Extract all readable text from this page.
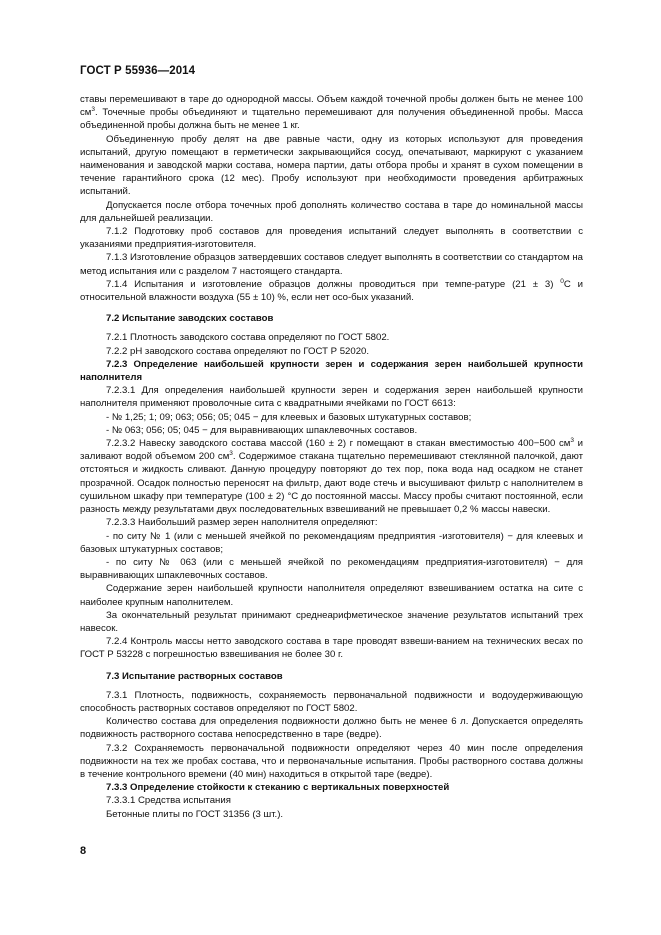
ГОСТ Р 55936—2014

ставы перемешивают в таре до однородной массы. Объем каждой точечной пробы должен быть не менее 100 $см^3$. Точечные пробы объединяют и тщательно перемешивают для получения объединенной пробы. Масса объединенной пробы должна быть не менее 1 кг.

Объединенную пробу делят на две равные части, одну из которых используют для проведения испытаний, другую помещают в герметически закрывающийся сосуд, опечатывают, маркируют с указанием наименования и заводской марки состава, номера партии, даты отбора пробы и хранят в сухом помещении в течение гарантийного срока (12 мес). Пробу используют при необходимости проведения арбитражных испытаний.

Допускается после отбора точечных проб дополнять количество состава в таре до номинальной массы для дальнейшей реализации.

7.1.2 Подготовку проб составов для проведения испытаний следует выполнять в соответствии с указаниями предприятия-изготовителя.

7.1.3 Изготовление образцов затвердевших составов следует выполнять в соответствии со стандартом на метод испытания или с разделом 7 настоящего стандарта.

7.1.4 Испытания и изготовление образцов должны проводиться при темпе-ратуре (21 ± 3) $^0$С и относительной влажности воздуха (55 ± 10) %, если нет осо-бых указаний.

7.2 Испытание заводских составов

7.2.1 Плотность заводского состава определяют по ГОСТ 5802.

7.2.2 pH заводского состава определяют по ГОСТ Р 52020.

7.2.3 Определение наибольшей крупности зерен и содержания зерен наибольшей крупности наполнителя

7.2.3.1 Для определения наибольшей крупности зерен и содержания зерен наибольшей крупности наполнителя применяют проволочные сита с квадратными ячейками по ГОСТ 6613:

- № 1,25; 1; 09; 063; 056; 05; 045 − для клеевых и базовых штукатурных составов;

- № 063; 056; 05; 045 − для выравнивающих шпаклевочных составов.

7.2.3.2 Навеску заводского состава массой (160 ± 2) г помещают в стакан вместимостью 400−500 $см^3$ и заливают водой объемом 200 $см^3$. Содержимое стакана тщательно перемешивают стеклянной палочкой, дают отстояться и жидкость сливают. Данную процедуру повторяют до тех пор, пока вода над осадком не станет прозрачной. Осадок полностью переносят на фильтр, дают воде стечь и высушивают фильтр с наполнителем в сушильном шкафу при температуре (100 ± 2) °С до постоянной массы. Массу пробы считают постоянной, если разность между результатами двух последовательных взвешиваний не превышает 0,2 % массы навески.

7.2.3.3 Наибольший размер зерен наполнителя определяют:

- по ситу № 1 (или с меньшей ячейкой по рекомендациям предприятия -изготовителя) − для клеевых и базовых штукатурных составов;

- по ситу № 063 (или с меньшей ячейкой по рекомендациям предприятия-изготовителя) − для выравнивающих шпаклевочных составов.

Содержание зерен наибольшей крупности наполнителя определяют взвешиванием остатка на сите с наиболее крупным наполнителем.

За окончательный результат принимают среднеарифметическое значение результатов испытаний трех навесок.

7.2.4 Контроль массы нетто заводского состава в таре проводят взвеши-ванием на технических весах по ГОСТ Р 53228 с погрешностью взвешивания не более 30 г.

7.3 Испытание растворных составов

7.3.1 Плотность, подвижность, сохраняемость первоначальной подвижности и водоудерживающую способность растворных составов определяют по ГОСТ 5802.

Количество состава для определения подвижности должно быть не менее 6 л. Допускается определять подвижность растворного состава непосредственно в таре (ведре).

7.3.2 Сохраняемость первоначальной подвижности определяют через 40 мин после определения подвижности на тех же пробах состава, что и первоначальные испытания. Пробы растворного состава должны в течение контрольного времени (40 мин) находиться в открытой таре (ведре).

7.3.3 Определение стойкости к стеканию с вертикальных поверхностей

7.3.3.1 Средства испытания

Бетонные плиты по ГОСТ 31356 (3 шт.).

8
